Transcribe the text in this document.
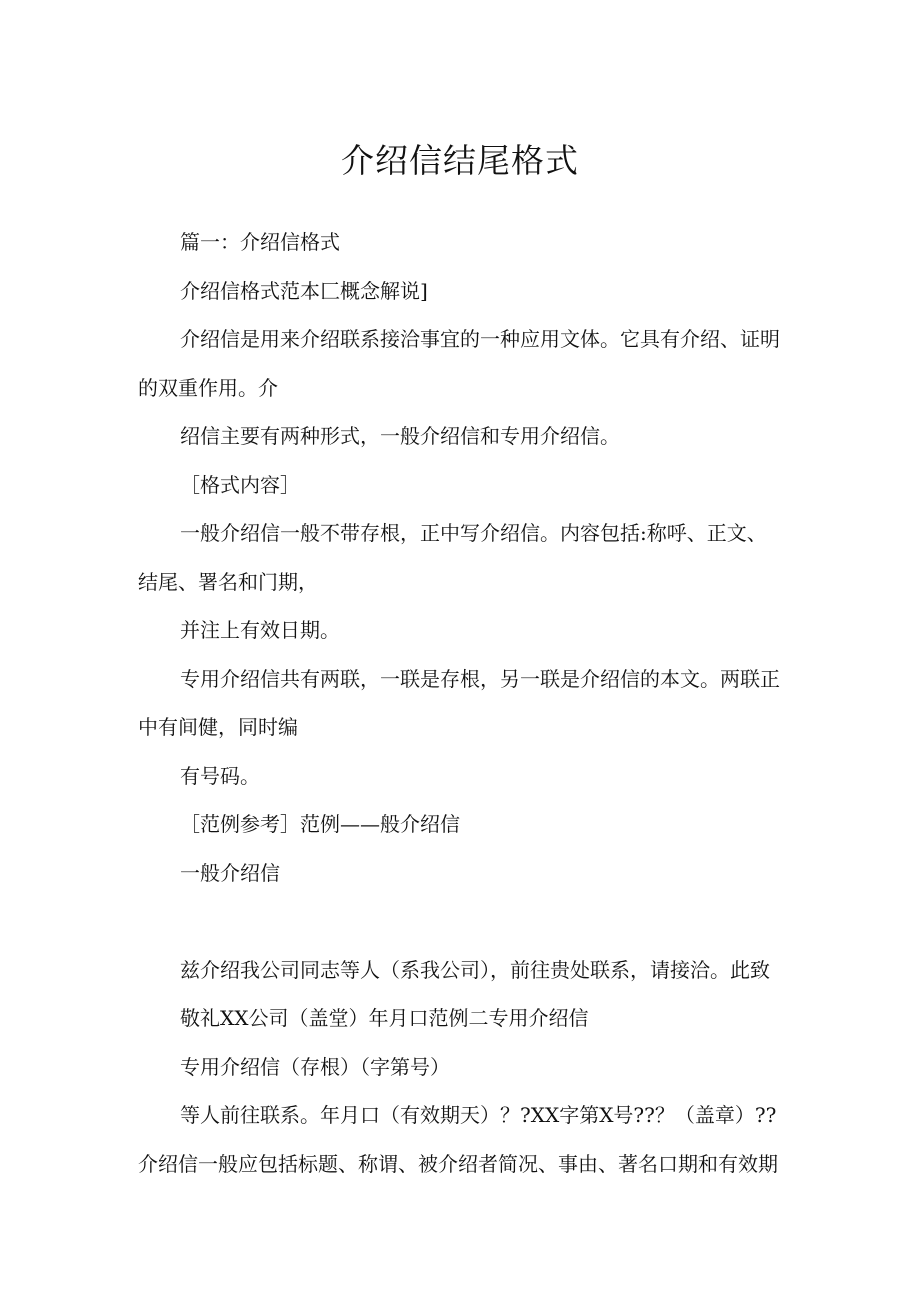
介绍信结尾格式

篇一：介绍信格式

介绍信格式范本匚概念解说]

介绍信是用来介绍联系接洽事宜的一种应用文体。它具有介绍、证明

的双重作用。介

绍信主要有两种形式，一般介绍信和专用介绍信。

［格式内容］

一般介绍信一般不带存根，正中写介绍信。内容包括:称呼、正文、

结尾、署名和门期，

并注上有效日期。

专用介绍信共有两联，一联是存根，另一联是介绍信的本文。两联正

中有间健，同时编

有号码。

［范例参考］范例——般介绍信

一般介绍信

兹介绍我公司同志等人（系我公司），前往贵处联系，请接洽。此致

敬礼XX公司（盖堂）年月口范例二专用介绍信

专用介绍信（存根）（字第号）

等人前往联系。年月口（有效期天）？?XX字第X号??？（盖章）??

介绍信一般应包括标题、称谓、被介绍者简况、事由、著名口期和有效期
